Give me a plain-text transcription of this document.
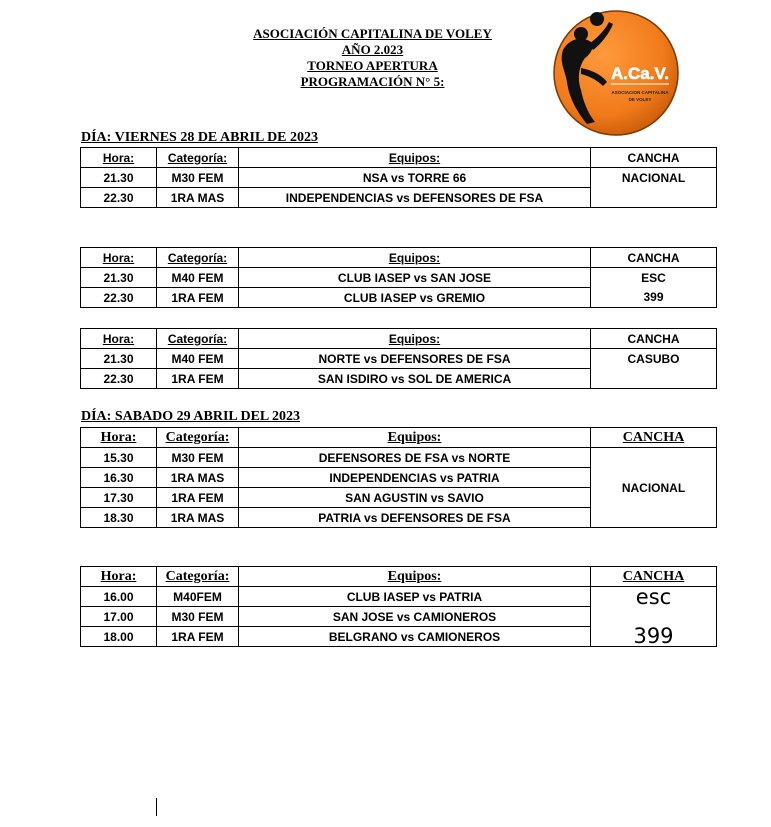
ASOCIACIÓN CAPITALINA DE VOLEY
AÑO 2.023
TORNEO APERTURA
PROGRAMACIÓN N° 5:	A.Ca.V.
ASOCIACION CAPITALINA
DE VOLEY
DÍA: VIERNES 28 DE ABRIL DE 2023
Hora:	Categoría:	Equipos:	CANCHA
21.30	M30 FEM	NSA vs TORRE 66	NACIONAL
22.30	1RA MAS	INDEPENDENCIAS vs DEFENSORES DE FSA	
Hora:	Categoría:	Equipos:	CANCHA
21.30	M40 FEM	CLUB IASEP vs SAN JOSE	ESC
22.30	1RA FEM	CLUB IASEP vs GREMIO	399
Hora:	Categoría:	Equipos:	CANCHA
21.30	M40 FEM	NORTE vs DEFENSORES DE FSA	CASUBO
22.30	1RA FEM	SAN ISDIRO vs SOL DE AMERICA	
DÍA: SABADO 29 ABRIL DEL 2023
Hora:	Categoría:	Equipos:	CANCHA
15.30	M30 FEM	DEFENSORES DE FSA vs NORTE	NACIONAL
16.30	1RA MAS	INDEPENDENCIAS vs PATRIA	
17.30	1RA FEM	SAN AGUSTIN vs SAVIO	
18.30	1RA MAS	PATRIA vs DEFENSORES DE FSA	
Hora:	Categoría:	Equipos:	CANCHA
16.00	M40FEM	CLUB IASEP vs PATRIA	esc
17.00	M30 FEM	SAN JOSE vs CAMIONEROS	399
18.00	1RA FEM	BELGRANO vs CAMIONEROS	
